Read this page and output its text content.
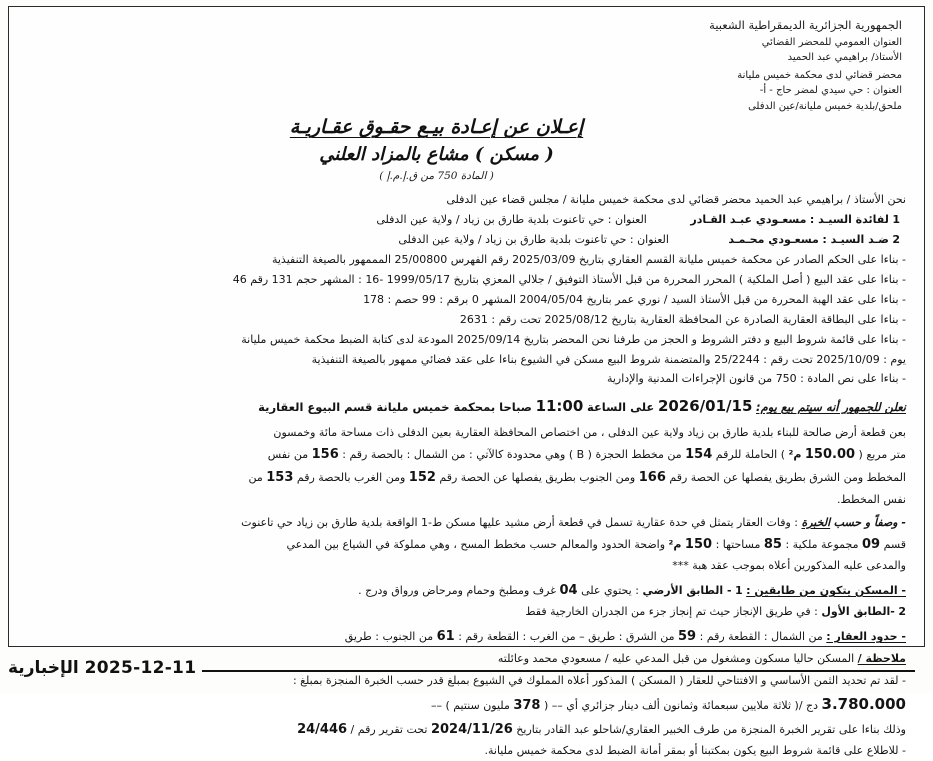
الجمهورية الجزائرية الديمقراطية الشعبية
العنوان العمومي للمحضر القضائي
الأستاذ/ براهيمي عبد الحميد
محضر قضائي لدى محكمة خميس مليانة
العنوان : حي سيدي لمضر حاج - أ-
ملحق/بلدية خميس مليانة/عين الدفلى
إعـلان عن إعـادة بيـع حقـوق عقـاريـة
( مسكن ) مشاع بالمزاد العلني
( المادة 750 من ق.إ.م.إ )
نحن الأستاذ / براهيمي عبد الحميد محضر قضائي لدى محكمة خميس مليانة / مجلس قضاء عين الدفلى
1 لفائدة السيـد : مسعـودي عبـد القـادر العنوان : حي تاعنوت بلدية طارق بن زياد / ولاية عين الدفلى
2 ضـد السيـد : مسعـودي محـمـد العنوان : حي تاعنوت بلدية طارق بن زياد / ولاية عين الدفلى
- بناءا على الحكم الصادر عن محكمة خميس مليانة القسم العقاري بتاريخ 2025/03/09 رقم الفهرس 25/00800 المممهور بالصيغة التنفيذية
- بناءا على عقد البيع ( أصل الملكية ) المحرر المحررة من قبل الأستاذ التوفيق / جلالي المعزي بتاريخ 1999/05/17 -16 : المشهر حجم 131 رقم 46
- بناءا على عقد الهبة المحررة من قبل الأستاذ السيد / نوري عمر بتاريخ 2004/05/04 المشهر 0 برقم : 99 حصم : 178
- بناءا على البطاقة العقارية الصادرة عن المحافظة العقارية بتاريخ 2025/08/12 تحت رقم : 2631
- بناءا على قائمة شروط البيع و دفتر الشروط و الحجز من طرفنا نحن المحضر بتاريخ 2025/09/14 المودعة لدى كتابة الضبط محكمة خميس مليانة
يوم : 2025/10/09 تحت رقم : 25/2244 والمتضمنة شروط البيع مسكن في الشيوع بناءا على عقد فضائي ممهور بالصيغة التنفيذية
- بناءا على نص المادة : 750 من قانون الإجراءات المدنية والإدارية
نعلن للجمهور أنه سيتم بيع يوم: 2026/01/15 على الساعة 11:00 صباحا بمحكمة خميس مليانة قسم البيوع العقارية
بعن قطعة أرض صالحة للبناء بلدية طارق بن زياد ولاية عين الدفلى ، من اختصاص المحافظة العقارية بعين الدفلى ذات مساحة مائة وخمسون
متر مربع ( 150.00 م² ) الحاملة للرقم 154 من مخطط الحجزة ( B ) وهي محدودة كالآتي : من الشمال : بالحصة رقم : 156 من نفس
المخطط ومن الشرق بطريق يفصلها عن الحصة رقم 166 ومن الجنوب بطريق يفصلها عن الحصة رقم 152 ومن الغرب بالحصة رقم 153 من
نفس المخطط.
- وصفاً و حسب الخبرة : وفات العقار يتمثل في حدة عقارية تسمل في قطعة أرض مشيد عليها مسكن ط-1 الواقعة بلدية طارق بن زياد حي تاعنوت
قسم 09 مجموعة ملكية : 85 مساحتها : 150 م² واضحة الحدود والمعالم حسب مخطط المسح ، وهي مملوكة في الشياع بين المدعي
والمدعى عليه المذكورين أعلاه بموجب عقد هبة ***
- المسكن يتكون من طابقين : 1 - الطابق الأرضي : يحتوي على 04 غرف ومطبخ وحمام ومرحاض ورواق ودرج .
2 -الطابق الأول : في طريق الإنجاز حيث تم إنجاز جزء من الجدران الخارجية فقط
- حدود العقار : من الشمال : القطعة رقم : 59 من الشرق : طريق – من الغرب : القطعة رقم : 61 من الجنوب : طريق
ملاحظة / المسكن حاليا مسكون ومشغول من قبل المدعي عليه / مسعودي محمد وعائلته
- لقد تم تحديد الثمن الأساسي و الافتتاحي للعقار ( المسكن ) المذكور أعلاه المملوك في الشيوع بمبلغ قدر حسب الخبرة المنجزة بمبلغ :
3.780.000 دج /( ثلاثة ملايين سبعمائة وثمانون ألف دينار جزائري أي –– ( 378 مليون سنتيم ) ––
وذلك بناءا على تقرير الخبرة المنجزة من طرف الخبير العقاري/شاحلو عبد القادر بتاريخ 2024/11/26 تحت تقرير رقم / 24/446
- للاطلاع على قائمة شروط البيع يكون بمكتبنا أو بمقر أمانة الضبط لدى محكمة خميس مليانة.
2025-12-11 الإخبارية
